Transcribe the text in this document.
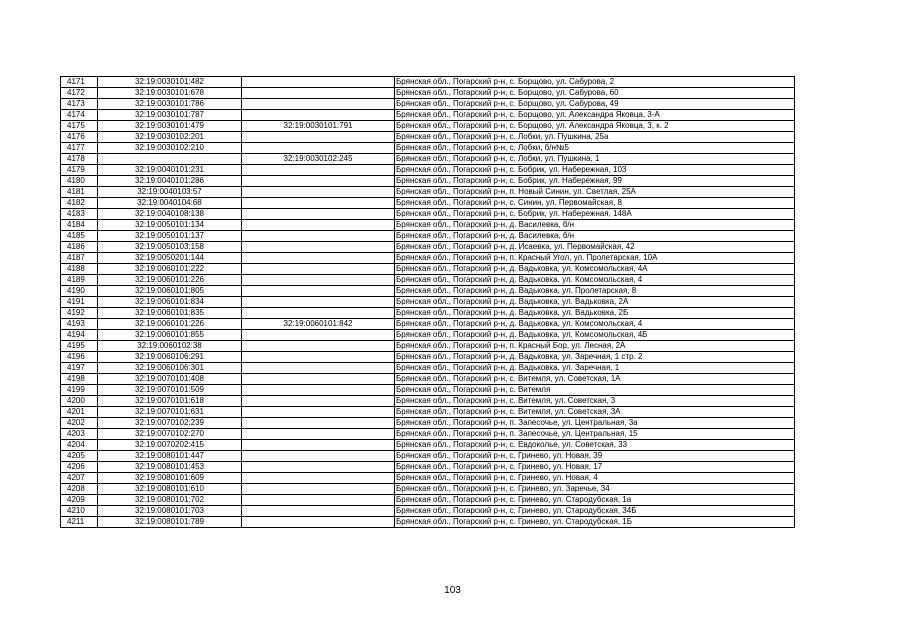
4171	32:19:0030101:482		Брянская обл., Погарский р-н, с. Борщово, ул. Сабурова, 2
4172	32:19:0030101:678		Брянская обл., Погарский р-н, с. Борщово, ул. Сабурова, 60
4173	32:19:0030101:786		Брянская обл., Погарский р-н, с. Борщово, ул. Сабурова, 49
4174	32:19:0030101:787		Брянская обл., Погарский р-н, с. Борщово, ул. Александра Яковца, 3-А
4175	32:19:0030101:479	32:19:0030101:791	Брянская обл., Погарский р-н, с. Борщово, ул. Александра Яковца, 3, к. 2
4176	32:19:0030102:201		Брянская обл., Погарский р-н, с. Лобки, ул. Пушкина, 25а
4177	32:19:0030102:210		Брянская обл., Погарский р-н, с. Лобки, б/н№5
4178		32:19:0030102:245	Брянская обл., Погарский р-н, с. Лобки, ул. Пушкина, 1
4179	32:19:0040101:231		Брянская обл., Погарский р-н, с. Бобрик, ул. Набережная, 103
4180	32:19:0040101:286		Брянская обл., Погарский р-н, с. Бобрик, ул. Набережная, 99
4181	32:19:0040103:57		Брянская обл., Погарский р-н, п. Новый Синин, ул. Светлая, 25А
4182	32:19:0040104:68		Брянская обл., Погарский р-н, с. Синин, ул. Первомайская, 8
4183	32:19:0040108:138		Брянская обл., Погарский р-н, с. Бобрик, ул. Набережная, 148А
4184	32:19:0050101:134		Брянская обл., Погарский р-н, д. Василевка, б/н
4185	32:19:0050101:137		Брянская обл., Погарский р-н, д. Василевка, б/н
4186	32:19:0050103:158		Брянская обл., Погарский р-н, д. Исаевка, ул. Первомайская, 42
4187	32:19:0050201:144		Брянская обл., Погарский р-н, п. Красный Угол, ул. Пролетарская, 10А
4188	32:19:0060101:222		Брянская обл., Погарский р-н, д. Вадьковка, ул. Комсомольская, 4А
4189	32:19:0060101:226		Брянская обл., Погарский р-н, д. Вадьковка, ул. Комсомольская, 4
4190	32:19:0060101:805		Брянская обл., Погарский р-н, д. Вадьковка, ул. Пролетарская, 8
4191	32:19:0060101:834		Брянская обл., Погарский р-н, д. Вадьковка, ул. Вадьковка, 2А
4192	32:19:0060101:835		Брянская обл., Погарский р-н, д. Вадьковка, ул. Вадьковка, 2Б
4193	32:19:0060101:226	32:19:0060101:842	Брянская обл., Погарский р-н, д. Вадьковка, ул. Комсомольская, 4
4194	32:19:0060101:855		Брянская обл., Погарский р-н, д. Вадьковка, ул. Комсомольская, 4Б
4195	32:19:0060102:38		Брянская обл., Погарский р-н, п. Красный Бор, ул. Лесная, 2А
4196	32:19:0060106:291		Брянская обл., Погарский р-н, д. Вадьковка, ул. Заречная, 1 стр. 2
4197	32:19:0060106:301		Брянская обл., Погарский р-н, д. Вадьковка, ул. Заречная, 1
4198	32:19:0070101:408		Брянская обл., Погарский р-н, с. Витемля, ул. Советская, 1А
4199	32:19:0070101:509		Брянская обл., Погарский р-н, с. Витемля
4200	32:19:0070101:618		Брянская обл., Погарский р-н, с. Витемля, ул. Советская, 3
4201	32:19:0070101:631		Брянская обл., Погарский р-н, с. Витемля, ул. Советская, 3А
4202	32:19:0070102:239		Брянская обл., Погарский р-н, п. Запесочье, ул. Центральная, 3а
4203	32:19:0070102:270		Брянская обл., Погарский р-н, п. Запесочье, ул. Центральная, 15
4204	32:19:0070202:415		Брянская обл., Погарский р-н, с. Евдоколье, ул. Советская, 33
4205	32:19:0080101:447		Брянская обл., Погарский р-н, с. Гринево, ул. Новая, 39
4206	32:19:0080101:453		Брянская обл., Погарский р-н, с. Гринево, ул. Новая, 17
4207	32:19:0080101:609		Брянская обл., Погарский р-н, с. Гринево, ул. Новая, 4
4208	32:19:0080101:610		Брянская обл., Погарский р-н, с. Гринево, ул. Заречье, 34
4209	32:19:0080101:702		Брянская обл., Погарский р-н, с. Гринево, ул. Стародубская, 1а
4210	32:19:0080101:703		Брянская обл., Погарский р-н, с. Гринево, ул. Стародубская, 34Б
4211	32:19:0080101:789		Брянская обл., Погарский р-н, с. Гринево, ул. Стародубская, 1Б
103
